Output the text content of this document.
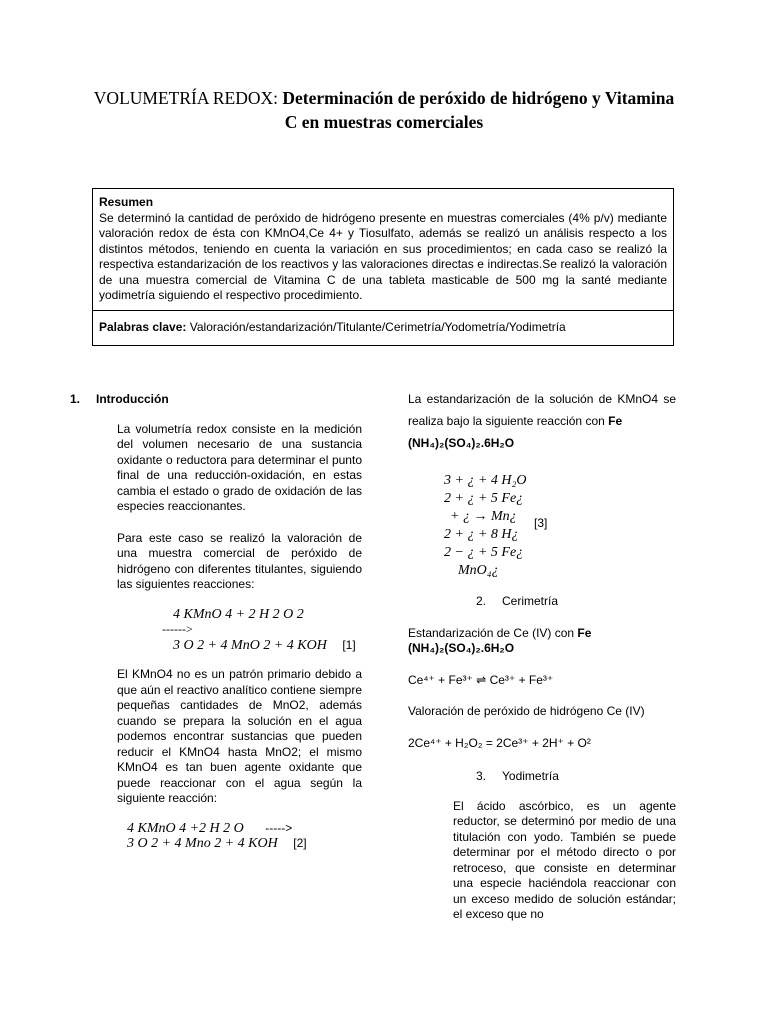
VOLUMETRÍA REDOX: Determinación de peróxido de hidrógeno y Vitamina
C en muestras comerciales
Resumen
Se determinó la cantidad de peróxido de hidrógeno presente en muestras comerciales (4% p/v) mediante valoración redox de ésta con KMnO4,Ce 4+ y Tiosulfato, además se realizó un análisis respecto a los distintos métodos, teniendo en cuenta la variación en sus procedimientos; en cada caso se realizó la respectiva estandarización de los reactivos y las valoraciones directas e indirectas.Se realizó la valoración de una muestra comercial de Vitamina C de una tableta masticable de 500 mg la santé mediante yodimetría siguiendo el respectivo procedimiento.
Palabras clave: Valoración/estandarización/Titulante/Cerimetría/Yodometría/Yodimetría
1.	Introducción
La volumetría redox consiste en la medición del volumen necesario de una sustancia oxidante o reductora para determinar el punto final de una reducción-oxidación, en estas cambia el estado o grado de oxidación de las especies reaccionantes.
Para este caso se realizó la valoración de una muestra comercial de peróxido de hidrógeno con diferentes titulantes, siguiendo las siguientes reacciones:
4 KMnO 4 + 2 H 2 O 2
------>
3 O 2 + 4 MnO 2 + 4 KOH [1]
El KMnO4 no es un patrón primario debido a que aún el reactivo analítico contiene siempre pequeñas cantidades de MnO2, además cuando se prepara la solución en el agua podemos encontrar sustancias que pueden reducir el KMnO4 hasta MnO2; el mismo KMnO4 es tan buen agente oxidante que puede reaccionar con el agua según la siguiente reacción:
4 KMnO 4 +2 H 2 O ----->
3 O 2 + 4 Mno 2 + 4 KOH [2]
La estandarización de la solución de KMnO4 se realiza bajo la siguiente reacción con Fe
(NH₄)₂(SO₄)₂.6H₂O
3 + ¿ + 4 H₂O
2 + ¿ + 5 Fe¿
+ ¿ → Mn¿
2 + ¿ + 8 H¿
2 − ¿ + 5 Fe¿
MnO₄¿
[3]
2.	Cerimetría
Estandarización de Ce (IV) con Fe
(NH₄)₂(SO₄)₂.6H₂O
Ce⁴⁺ + Fe³⁺ ⇌ Ce³⁺ + Fe³⁺
Valoración de peróxido de hidrógeno Ce (IV)
2Ce⁴⁺ + H₂O₂ = 2Ce³⁺ + 2H⁺ + O²
3.	Yodimetría
El ácido ascórbico, es un agente reductor, se determinó por medio de una titulación con yodo. También se puede determinar por el método directo o por retroceso, que consiste en determinar una especie haciéndola reaccionar con un exceso medido de solución estándar; el exceso que no
